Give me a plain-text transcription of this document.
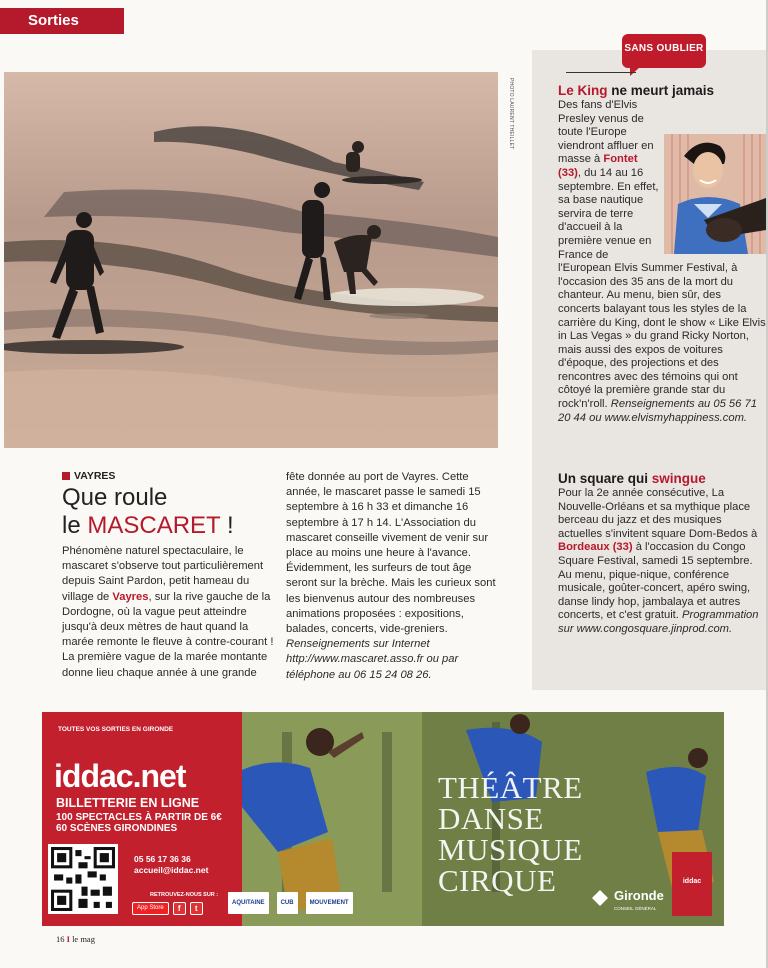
Sorties
PHOTO LAURENT THEILLET
SANS OUBLIER
Le King ne meurt jamais
Des fans d'Elvis Presley venus de toute l'Europe viendront affluer en masse à Fontet (33), du 14 au 16 septembre. En effet, sa base nautique servira de terre d'accueil à la première venue en France de l'European Elvis Summer Festival, à l'occasion des 35 ans de la mort du chanteur. Au menu, bien sûr, des concerts balayant tous les styles de la carrière du King, dont le show « Like Elvis in Las Vegas » du grand Ricky Norton, mais aussi des expos de voitures d'époque, des projections et des rencontres avec des témoins qui ont côtoyé la première grande star du rock'n'roll. Renseignements au 05 56 71 20 44 ou www.elvismyhappiness.com.
Un square qui swingue
Pour la 2e année consécutive, La Nouvelle-Orléans et sa mythique place berceau du jazz et des musiques actuelles s'invitent square Dom-Bedos à Bordeaux (33) à l'occasion du Congo Square Festival, samedi 15 septembre. Au menu, pique-nique, conférence musicale, goûter-concert, apéro swing, danse lindy hop, jambalaya et autres concerts, et c'est gratuit. Programmation sur www.congosquare.jinprod.com.
VAYRES
Que roule
le MASCARET !
Phénomène naturel spectaculaire, le mascaret s'observe tout particulièrement depuis Saint Pardon, petit hameau du village de Vayres, sur la rive gauche de la Dordogne, où la vague peut atteindre jusqu'à deux mètres de haut quand la marée remonte le fleuve à contre-courant ! La première vague de la marée montante donne lieu chaque année à une grande
fête donnée au port de Vayres. Cette année, le mascaret passe le samedi 15 septembre à 16 h 33 et dimanche 16 septembre à 17 h 14. L'Association du mascaret conseille vivement de venir sur place au moins une heure à l'avance. Évidemment, les surfeurs de tout âge seront sur la brèche. Mais les curieux sont les bienvenus autour des nombreuses animations proposées : expositions, balades, concerts, vide-greniers. Renseignements sur Internet http://www.mascaret.asso.fr ou par téléphone au 06 15 24 08 26.
TOUTES VOS SORTIES EN GIRONDE
iddac.net
BILLETTERIE EN LIGNE
100 SPECTACLES À PARTIR DE 6€
60 SCÈNES GIRONDINES
05 56 17 36 36
accueil@iddac.net
RETROUVEZ-NOUS SUR :
App Store	f	t
THÉÂTRE
DANSE
MUSIQUE
CIRQUE
AQUITAINE	CUB	MOUVEMENT	Gironde
CONSEIL GÉNÉRAL
iddac
16 I le mag
